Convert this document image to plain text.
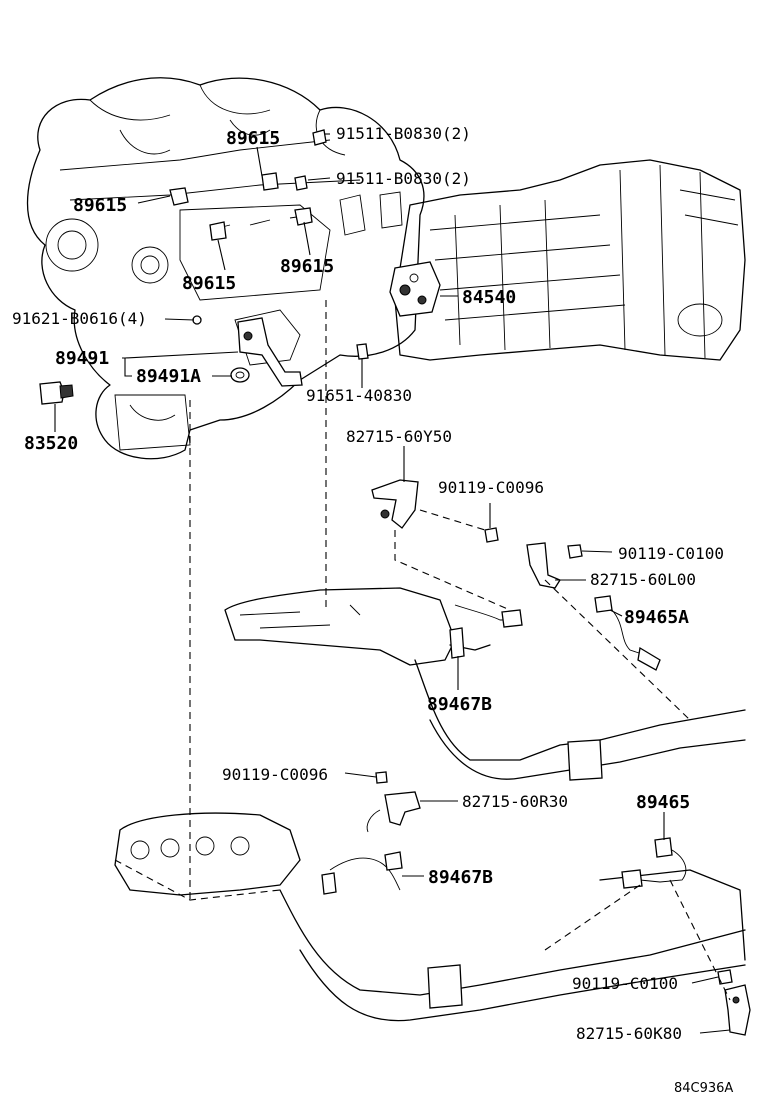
89615	91511-B0830(2)
91511-B0830(2)
89615
89615
89615
84540
91621-B0616(4)
89491
89491A
83520
91651-40830
82715-60Y50
90119-C0096
90119-C0100
82715-60L00
89465A
89467B
90119-C0096
82715-60R30	89465
89467B
90119-C0100
82715-60K80
84C936A
